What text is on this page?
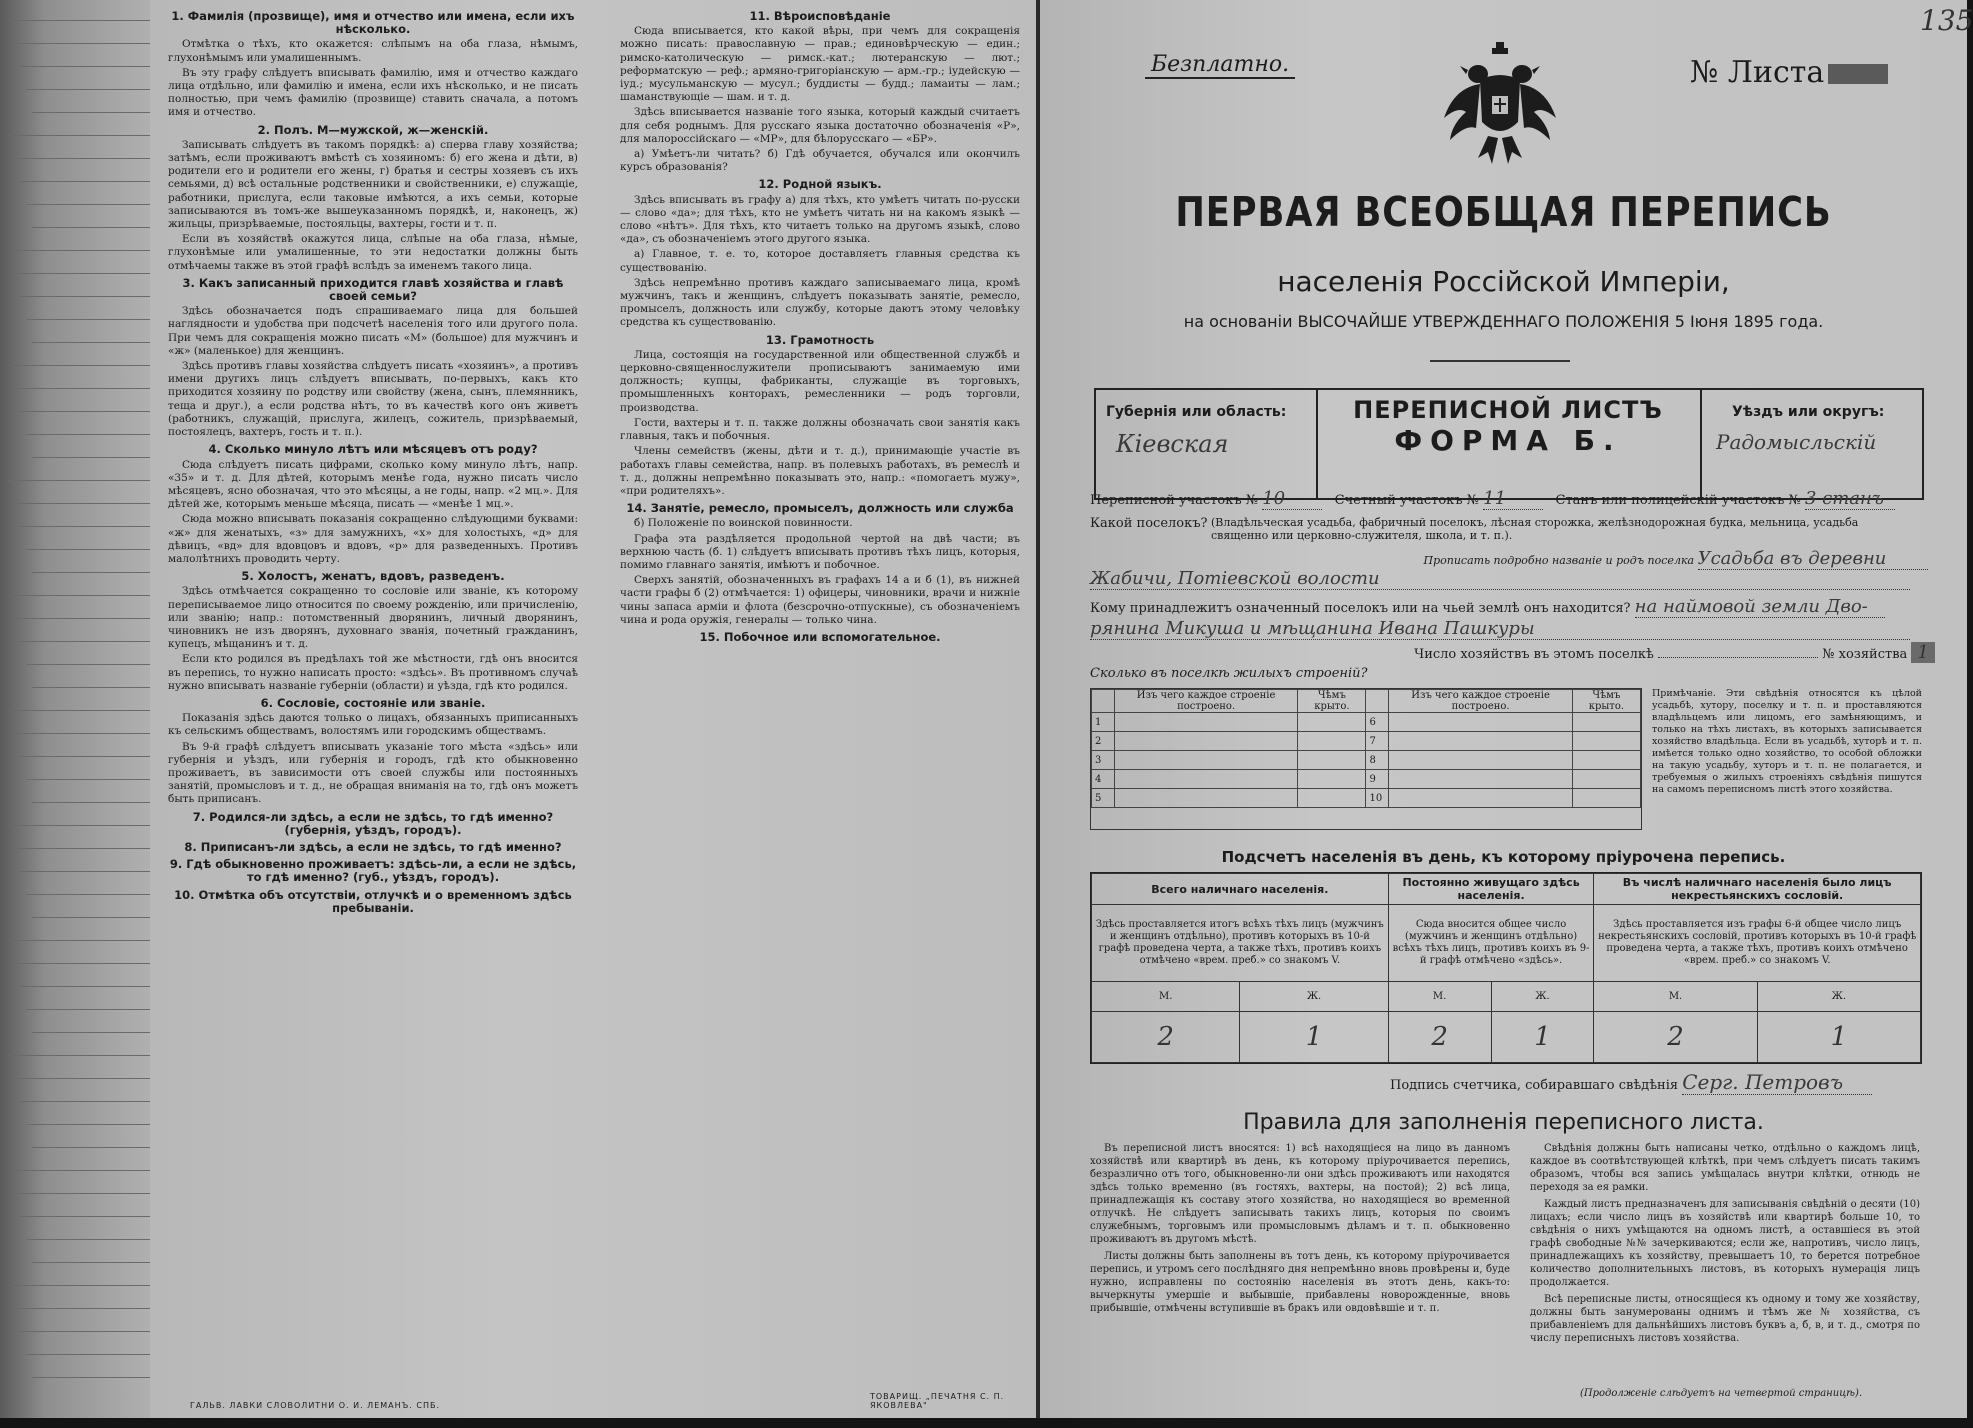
1. Фамилія (прозвище), имя и отчество или имена, если ихъ нѣсколько.

Отмѣтка о тѣхъ, кто окажется: слѣпымъ на оба глаза, нѣмымъ, глухонѣмымъ или умалишеннымъ.

Въ эту графу слѣдуетъ вписывать фамилію, имя и отчество каждаго лица отдѣльно, или фамилію и имена, если ихъ нѣсколько, и не писать полностью, при чемъ фамилію (прозвище) ставить сначала, а потомъ имя и отчество.

2. Полъ. М—мужской, ж—женскій.

Записывать слѣдуетъ въ такомъ порядкѣ: а) сперва главу хозяйства; затѣмъ, если проживаютъ вмѣстѣ съ хозяиномъ: б) его жена и дѣти, в) родители его и родители его жены, г) братья и сестры хозяевъ съ ихъ семьями, д) всѣ остальные родственники и свойственники, е) служащіе, работники, прислуга, если таковые имѣются, а ихъ семьи, которые записываются въ томъ-же вышеуказанномъ порядкѣ, и, наконецъ, ж) жильцы, призрѣваемые, постояльцы, вахтеры, гости и т. п.

Если въ хозяйствѣ окажутся лица, слѣпые на оба глаза, нѣмые, глухонѣмые или умалишенные, то эти недостатки должны быть отмѣчаемы также въ этой графѣ вслѣдъ за именемъ такого лица.

3. Какъ записанный приходится главѣ хозяйства и главѣ своей семьи?

Здѣсь обозначается подъ спрашиваемаго лица для большей наглядности и удобства при подсчетѣ населенія того или другого пола. При чемъ для сокращенія можно писать «М» (большое) для мужчинъ и «ж» (маленькое) для женщинъ.

Здѣсь противъ главы хозяйства слѣдуетъ писать «хозяинъ», а противъ имени другихъ лицъ слѣдуетъ вписывать, по-первыхъ, какъ кто приходится хозяину по родству или свойству (жена, сынъ, племянникъ, теща и друг.), а если родства нѣтъ, то въ качествѣ кого онъ живетъ (работникъ, служащій, прислуга, жилецъ, сожитель, призрѣваемый, постоялецъ, вахтеръ, гость и т. п.).

4. Сколько минуло лѣтъ или мѣсяцевъ отъ роду?

Сюда слѣдуетъ писать цифрами, сколько кому минуло лѣтъ, напр. «35» и т. д. Для дѣтей, которымъ менѣе года, нужно писать число мѣсяцевъ, ясно обозначая, что это мѣсяцы, а не годы, напр. «2 мц.». Для дѣтей же, которымъ меньше мѣсяца, писать — «менѣе 1 мц.».

Сюда можно вписывать показанія сокращенно слѣдующими буквами: «ж» для женатыхъ, «з» для замужнихъ, «х» для холостыхъ, «д» для дѣвицъ, «вд» для вдовцовъ и вдовъ, «р» для разведенныхъ. Противъ малолѣтнихъ проводить черту.

5. Холостъ, женатъ, вдовъ, разведенъ.

Здѣсь отмѣчается сокращенно то сословіе или званіе, къ которому переписываемое лицо относится по своему рожденію, или причисленію, или званію; напр.: потомственный дворянинъ, личный дворянинъ, чиновникъ не изъ дворянъ, духовнаго званія, почетный гражданинъ, купецъ, мѣщанинъ и т. д.

Если кто родился въ предѣлахъ той же мѣстности, гдѣ онъ вносится въ перепись, то нужно написать просто: «здѣсь». Въ противномъ случаѣ нужно вписывать названіе губерніи (области) и уѣзда, гдѣ кто родился.

6. Сословіе, состояніе или званіе.

Показанія здѣсь даются только о лицахъ, обязанныхъ приписанныхъ къ сельскимъ обществамъ, волостямъ или городскимъ обществамъ.

Въ 9-й графѣ слѣдуетъ вписывать указаніе того мѣста «здѣсь» или губернія и уѣздъ, или губернія и городъ, гдѣ кто обыкновенно проживаетъ, въ зависимости отъ своей службы или постоянныхъ занятій, промысловъ и т. д., не обращая вниманія на то, гдѣ онъ можетъ быть приписанъ.

7. Родился-ли здѣсь, а если не здѣсь, то гдѣ именно? (губернія, уѣздъ, городъ).
8. Приписанъ-ли здѣсь, а если не здѣсь, то гдѣ именно?
9. Гдѣ обыкновенно проживаетъ: здѣсь-ли, а если не здѣсь, то гдѣ именно? (губ., уѣздъ, городъ).
10. Отмѣтка объ отсутствіи, отлучкѣ и о временномъ здѣсь пребываніи.
11. Вѣроисповѣданіе

Сюда вписывается, кто какой вѣры, при чемъ для сокращенія можно писать: православную — прав.; единовѣрческую — един.; римско-католическую — римск.-кат.; лютеранскую — лют.; реформатскую — реф.; армяно-григоріанскую — арм.-гр.; іудейскую — іуд.; мусульманскую — мусул.; буддисты — будд.; ламаиты — лам.; шаманствующіе — шам. и т. д.

Здѣсь вписывается названіе того языка, который каждый считаетъ для себя роднымъ. Для русскаго языка достаточно обозначенія «Р», для малороссійскаго — «МР», для бѣлорусскаго — «БР».

а) Умѣетъ-ли читать? б) Гдѣ обучается, обучался или окончилъ курсъ образованія?

12. Родной языкъ.

Здѣсь вписывать въ графу а) для тѣхъ, кто умѣетъ читать по-русски — слово «да»; для тѣхъ, кто не умѣетъ читать ни на какомъ языкѣ — слово «нѣтъ». Для тѣхъ, кто читаетъ только на другомъ языкѣ, слово «да», съ обозначеніемъ этого другого языка.

а) Главное, т. е. то, которое доставляетъ главныя средства къ существованію.

Здѣсь непремѣнно противъ каждаго записываемаго лица, кромѣ мужчинъ, такъ и женщинъ, слѣдуетъ показывать занятіе, ремесло, промыселъ, должность или службу, которые даютъ этому человѣку средства къ существованію.

13. Грамотность

Лица, состоящія на государственной или общественной службѣ и церковно-священнослужители прописываютъ занимаемую ими должность; купцы, фабриканты, служащіе въ торговыхъ, промышленныхъ конторахъ, ремесленники — родъ торговли, производства.

Гости, вахтеры и т. п. также должны обозначать свои занятія какъ главныя, такъ и побочныя.

Члены семействъ (жены, дѣти и т. д.), принимающіе участіе въ работахъ главы семейства, напр. въ полевыхъ работахъ, въ ремеслѣ и т. д., должны непремѣнно показывать это, напр.: «помогаетъ мужу», «при родителяхъ».

14. Занятіе, ремесло, промыселъ, должность или служба

б) Положеніе по воинской повинности.

Графа эта раздѣляется продольной чертой на двѣ части; въ верхнюю часть (б. 1) слѣдуетъ вписывать противъ тѣхъ лицъ, которыя, помимо главнаго занятія, имѣютъ и побочное.

Сверхъ занятій, обозначенныхъ въ графахъ 14 а и б (1), въ нижней части графы б (2) отмѣчается: 1) офицеры, чиновники, врачи и нижніе чины запаса арміи и флота (безсрочно-отпускные), съ обозначеніемъ чина и рода оружія, генералы — только чина.

15. Побочное или вспомогательное.
ГАЛЬВ. ЛАВКИ СЛОВОЛИТНИ О. И. ЛЕМАНЪ. СПБ.
ТОВАРИЩ. „ПЕЧАТНЯ С. П. ЯКОВЛЕВА"
135
Безплатно.	№ Листа
ПЕРВАЯ ВСЕОБЩАЯ ПЕРЕПИСЬ
населенія Россійской Имперіи,
на основаніи ВЫСОЧАЙШЕ УТВЕРЖДЕННАГО ПОЛОЖЕНІЯ 5 Іюня 1895 года.
Губернія или область:
Кіевская
ПЕРЕПИСНОЙ ЛИСТЪ
ФОРМА Б.
Уѣздъ или округъ:
Радомысльскій
Переписной участокъ № 10	Счетный участокъ № 11	Станъ или полицейскій участокъ № 3 станъ
Какой поселокъ? (Владѣльческая усадьба, фабричный поселокъ, лѣсная сторожка, желѣзнодорожная будка, мельница, усадьба священно или церковно-служителя, школа, и т. п.).
Прописать подробно названіе и родъ поселка Усадьба въ деревни
Жабичи, Потіевской волости
Кому принадлежитъ означенный поселокъ или на чьей землѣ онъ находится? на наймовой земли Дво-
рянина Микуша и мѣщанина Ивана Пашкуры
Число хозяйствъ въ этомъ поселкѣ	№ хозяйства 1
Сколько въ поселкѣ жилыхъ строеній?
	Изъ чего каждое строеніе построено.	Чѣмъ крыто.		Изъ чего каждое строеніе построено.	Чѣмъ крыто.
1			6		
2			7		
3			8		
4			9		
5			10		
Примѣчаніе. Эти свѣдѣнія относятся къ цѣлой усадьбѣ, хутору, поселку и т. п. и проставляются владѣльцемъ или лицомъ, его замѣняющимъ, и только на тѣхъ листахъ, въ которыхъ записывается хозяйство владѣльца. Если въ усадьбѣ, хуторѣ и т. п. имѣется только одно хозяйство, то особой обложки на такую усадьбу, хуторъ и т. п. не полагается, и требуемыя о жилыхъ строеніяхъ свѣдѣнія пишутся на самомъ переписномъ листѣ этого хозяйства.
Подсчетъ населенія въ день, къ которому пріурочена перепись.
Всего наличнаго населенія.		Постоянно живущаго здѣсь населенія.		Въ числѣ наличнаго населенія было лицъ некрестьянскихъ сословій.	
Здѣсь проставляется итогъ всѣхъ тѣхъ лицъ (мужчинъ и женщинъ отдѣльно), противъ которыхъ въ 10-й графѣ проведена черта, а также тѣхъ, противъ коихъ отмѣчено «врем. преб.» со знакомъ V.		Сюда вносится общее число (мужчинъ и женщинъ отдѣльно) всѣхъ тѣхъ лицъ, противъ коихъ въ 9-й графѣ отмѣчено «здѣсь».		Здѣсь проставляется изъ графы 6-й общее число лицъ некрестьянскихъ сословій, противъ которыхъ въ 10-й графѣ проведена черта, а также тѣхъ, противъ коихъ отмѣчено «врем. преб.» со знакомъ V.	
М.	Ж.	М.	Ж.	М.	Ж.
2	1	2	1	2	1
Подпись счетчика, собиравшаго свѣдѣнія Серг. Петровъ
Правила для заполненія переписного листа.

Въ переписной листъ вносятся: 1) всѣ находящіеся на лицо въ данномъ хозяйствѣ или квартирѣ въ день, къ которому пріурочивается перепись, безразлично отъ того, обыкновенно-ли они здѣсь проживаютъ или находятся здѣсь только временно (въ гостяхъ, вахтеры, на постой); 2) всѣ лица, принадлежащія къ составу этого хозяйства, но находящіеся во временной отлучкѣ. Не слѣдуетъ записывать такихъ лицъ, которыя по своимъ служебнымъ, торговымъ или промысловымъ дѣламъ и т. п. обыкновенно проживаютъ въ другомъ мѣстѣ.

Листы должны быть заполнены въ тотъ день, къ которому пріурочивается перепись, и утромъ сего послѣдняго дня непремѣнно вновь провѣрены и, буде нужно, исправлены по состоянію населенія въ этотъ день, какъ-то: вычеркнуты умершіе и выбывшіе, прибавлены новорожденные, вновь прибывшіе, отмѣчены вступившіе въ бракъ или овдовѣвшіе и т. п.

Свѣдѣнія должны быть написаны четко, отдѣльно о каждомъ лицѣ, каждое въ соотвѣтствующей клѣткѣ, при чемъ слѣдуетъ писать такимъ образомъ, чтобы вся запись умѣщалась внутри клѣтки, отнюдь не переходя за ея рамки.

Каждый листъ предназначенъ для записыванія свѣдѣній о десяти (10) лицахъ; если число лицъ въ хозяйствѣ или квартирѣ больше 10, то свѣдѣнія о нихъ умѣщаются на одномъ листѣ, а оставшіеся въ этой графѣ свободные №№ зачеркиваются; если же, напротивъ, число лицъ, принадлежащихъ къ хозяйству, превышаетъ 10, то берется потребное количество дополнительныхъ листовъ, въ которыхъ нумерація лицъ продолжается.

Всѣ переписные листы, относящіеся къ одному и тому же хозяйству, должны быть занумерованы однимъ и тѣмъ же № хозяйства, съ прибавленіемъ для дальнѣйшихъ листовъ буквъ а, б, в, и т. д., смотря по числу переписныхъ листовъ хозяйства.

(Продолженіе слѣдуетъ на четвертой страницѣ).
